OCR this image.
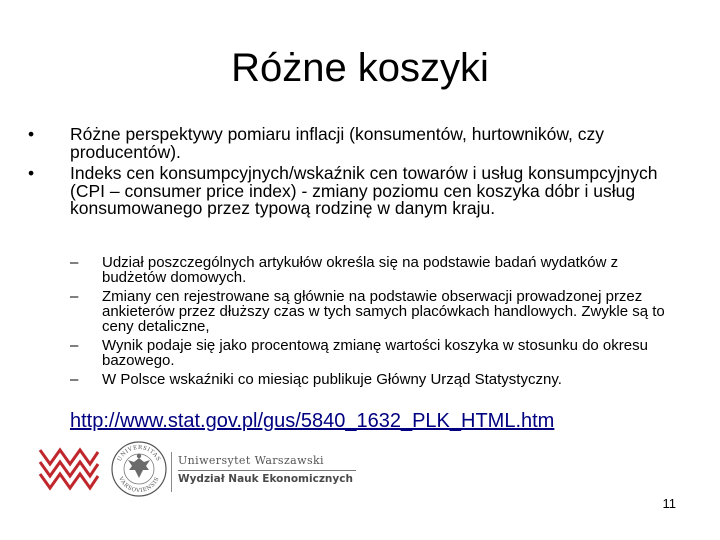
Różne koszyki
•	Różne perspektywy pomiaru inflacji (konsumentów, hurtowników, czy producentów).
•	Indeks cen konsumpcyjnych/wskaźnik cen towarów i usług konsumpcyjnych (CPI – consumer price index) - zmiany poziomu cen koszyka dóbr i usług konsumowanego przez typową rodzinę w danym kraju.
– Udział poszczególnych artykułów określa się na podstawie badań wydatków z budżetów domowych.
– Zmiany cen rejestrowane są głównie na podstawie obserwacji prowadzonej przez ankieterów przez dłuższy czas w tych samych placówkach handlowych. Zwykle są to ceny detaliczne,
– Wynik podaje się jako procentową zmianę wartości koszyka w stosunku do okresu bazowego.
– W Polsce wskaźniki co miesiąc publikuje Główny Urząd Statystyczny.
http://www.stat.gov.pl/gus/5840_1632_PLK_HTML.htm
UNIVERSITAS
VARSOVIENSIS
Uniwersytet Warszawski
Wydział Nauk Ekonomicznych
11
